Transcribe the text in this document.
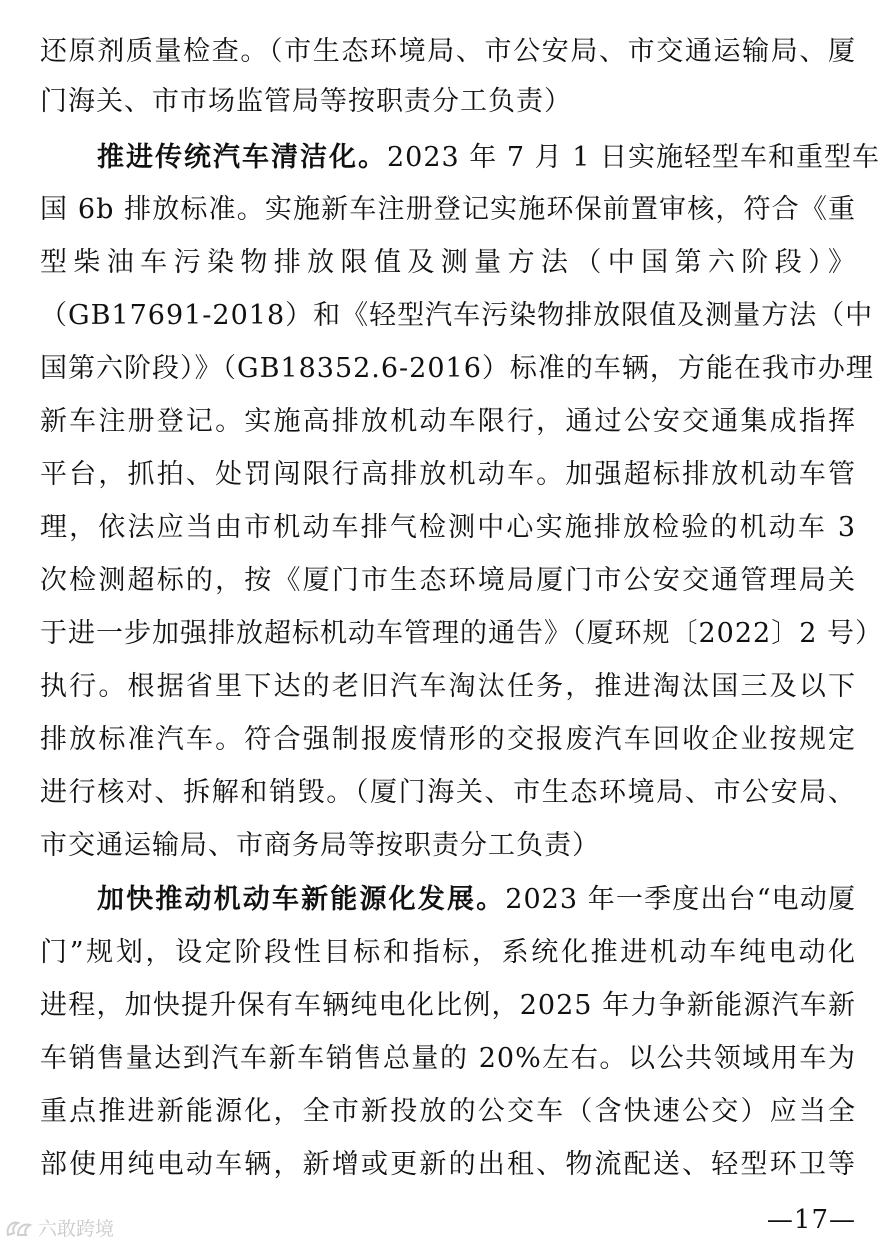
还原剂质量检查。（市生态环境局、市公安局、市交通运输局、厦
门海关、市市场监管局等按职责分工负责）
推进传统汽车清洁化。2023 年 7 月 1 日实施轻型车和重型车
国 6b 排放标准。实施新车注册登记实施环保前置审核，符合《重
型柴油车污染物排放限值及测量方法（中国第六阶段）》
（GB17691-2018）和《轻型汽车污染物排放限值及测量方法（中
国第六阶段）》（GB18352.6-2016）标准的车辆，方能在我市办理
新车注册登记。实施高排放机动车限行，通过公安交通集成指挥
平台，抓拍、处罚闯限行高排放机动车。加强超标排放机动车管
理，依法应当由市机动车排气检测中心实施排放检验的机动车 3
次检测超标的，按《厦门市生态环境局厦门市公安交通管理局关
于进一步加强排放超标机动车管理的通告》（厦环规〔2022〕2 号）
执行。根据省里下达的老旧汽车淘汰任务，推进淘汰国三及以下
排放标准汽车。符合强制报废情形的交报废汽车回收企业按规定
进行核对、拆解和销毁。（厦门海关、市生态环境局、市公安局、
市交通运输局、市商务局等按职责分工负责）
加快推动机动车新能源化发展。2023 年一季度出台“电动厦
门”规划，设定阶段性目标和指标，系统化推进机动车纯电动化
进程，加快提升保有车辆纯电化比例，2025 年力争新能源汽车新
车销售量达到汽车新车销售总量的 20%左右。以公共领域用车为
重点推进新能源化，全市新投放的公交车（含快速公交）应当全
部使用纯电动车辆，新增或更新的出租、物流配送、轻型环卫等
—17—
六敢跨境
